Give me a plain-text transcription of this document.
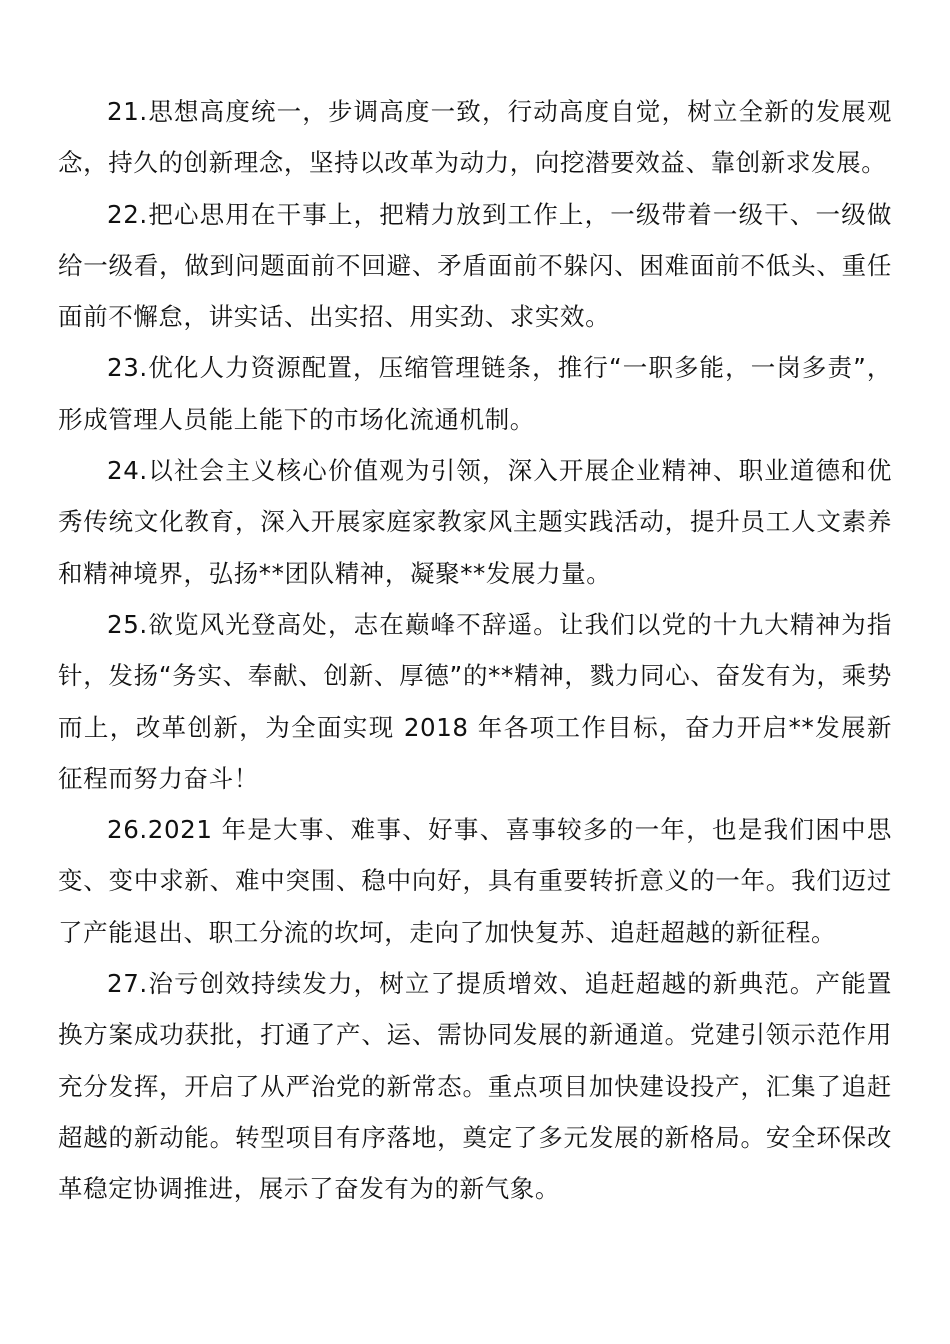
21.思想高度统一，步调高度一致，行动高度自觉，树立全新的发展观念，持久的创新理念，坚持以改革为动力，向挖潜要效益、靠创新求发展。

22.把心思用在干事上，把精力放到工作上，一级带着一级干、一级做给一级看，做到问题面前不回避、矛盾面前不躲闪、困难面前不低头、重任面前不懈怠，讲实话、出实招、用实劲、求实效。

23.优化人力资源配置，压缩管理链条，推行“一职多能，一岗多责”，形成管理人员能上能下的市场化流通机制。

24.以社会主义核心价值观为引领，深入开展企业精神、职业道德和优秀传统文化教育，深入开展家庭家教家风主题实践活动，提升员工人文素养和精神境界，弘扬**团队精神，凝聚**发展力量。

25.欲览风光登高处，志在巅峰不辞遥。让我们以党的十九大精神为指针，发扬“务实、奉献、创新、厚德”的**精神，戮力同心、奋发有为，乘势而上，改革创新，为全面实现 2018 年各项工作目标，奋力开启**发展新征程而努力奋斗！

26.2021 年是大事、难事、好事、喜事较多的一年，也是我们困中思变、变中求新、难中突围、稳中向好，具有重要转折意义的一年。我们迈过了产能退出、职工分流的坎坷，走向了加快复苏、追赶超越的新征程。

27.治亏创效持续发力，树立了提质增效、追赶超越的新典范。产能置换方案成功获批，打通了产、运、需协同发展的新通道。党建引领示范作用充分发挥，开启了从严治党的新常态。重点项目加快建设投产，汇集了追赶超越的新动能。转型项目有序落地，奠定了多元发展的新格局。安全环保改革稳定协调推进，展示了奋发有为的新气象。
